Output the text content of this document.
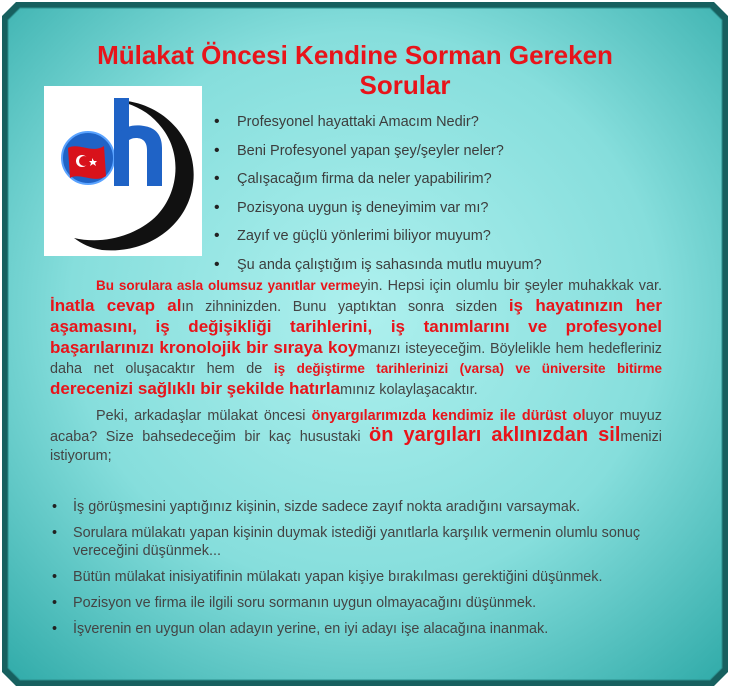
Mülakat Öncesi Kendine Sorman Gereken
Sorular
• Profesyonel hayattaki Amacım Nedir?
• Beni Profesyonel yapan şey/şeyler neler?
• Çalışacağım firma da neler yapabilirim?
• Pozisyona uygun iş deneyimim var mı?
• Zayıf ve güçlü yönlerimi biliyor muyum?
• Şu anda çalıştığım iş sahasında mutlu muyum?

Bu sorulara asla olumsuz yanıtlar vermeyin. Hepsi için olumlu bir şeyler muhakkak var. İnatla cevap alın zihninizden. Bunu yaptıktan sonra sizden iş hayatınızın her aşamasını, iş değişikliği tarihlerini, iş tanımlarını ve profesyonel başarılarınızı kronolojik bir sıraya koymanızı isteyeceğim. Böylelikle hem hedefleriniz daha net oluşacaktır hem de iş değiştirme tarihlerinizi (varsa) ve üniversite bitirme derecenizi sağlıklı bir şekilde hatırlamınız kolaylaşacaktır.

Peki, arkadaşlar mülakat öncesi önyargılarımızda kendimiz ile dürüst oluyor muyuz acaba? Size bahsedeceğim bir kaç husustaki ön yargıları aklınızdan silmenizi istiyorum;

• İş görüşmesini yaptığınız kişinin, sizde sadece zayıf nokta aradığını varsaymak.
• Sorulara mülakatı yapan kişinin duymak istediği yanıtlarla karşılık vermenin olumlu sonuç vereceğini düşünmek...
• Bütün mülakat inisiyatifinin mülakatı yapan kişiye bırakılması gerektiğini düşünmek.
• Pozisyon ve firma ile ilgili soru sormanın uygun olmayacağını düşünmek.
• İşverenin en uygun olan adayın yerine, en iyi adayı işe alacağına inanmak.
